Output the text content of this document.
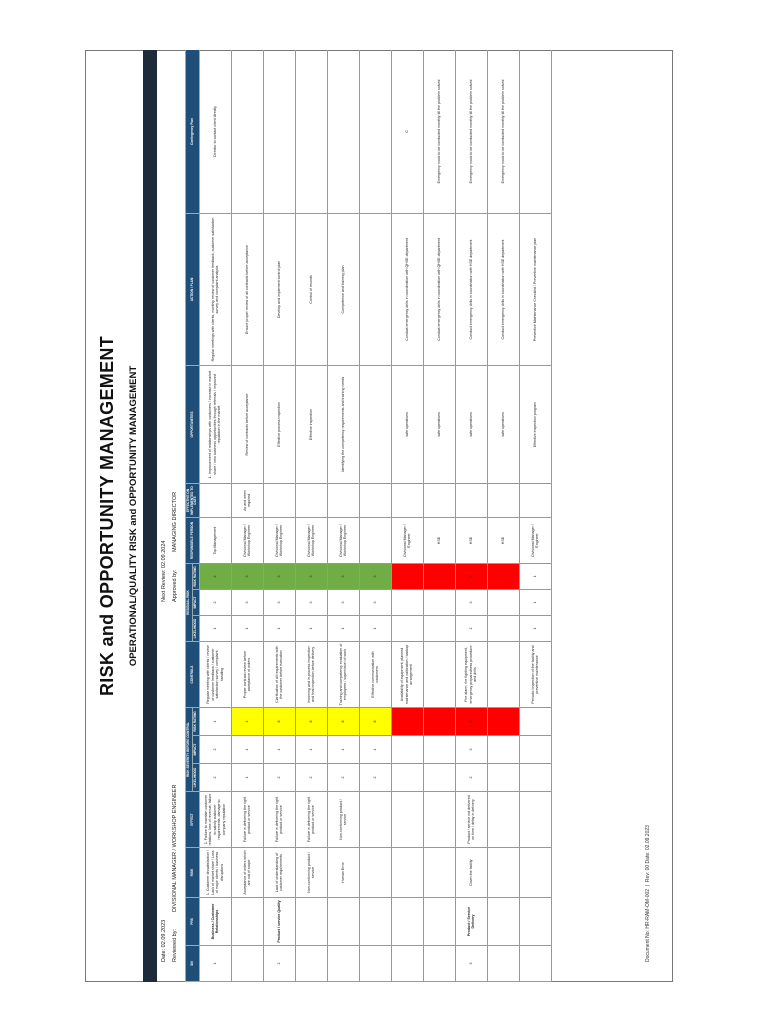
RISK and OPPORTUNITY MANAGEMENT OPERATIONAL/QUALITY RISK and OPPORTUNITY MANAGEMENT
Date: 02.09.2023
Next Review: 02.09.2024
Reviewed by:
DIVISIONAL MANAGER / WORKSHOP ENGINEER
Approved by:
MANAGING DIRECTOR
SN	PRS	RISK	EFFECT	RISK SEVERITY BEFORE CONTROL			CONTROLS	RESIDUAL RISK			RESPONSIBLE PERSON	EFFECTIVE ON IMPLEMENTED TO DATE	OPPORTUNITIES	ACTION / PLAN	Contingency Plan
				LIKELIHOOD	IMPACT	RISK RATING		LIKELIHOOD	IMPACT	RISK RATING					
1	Business / Customer Relationships	1. Customer dissatisfaction / Lack of market share / Loss of major clients / business disruptions	1. Failure to maintain customer relations, loss of revenue, failure to satisfy customer requirements, damage to company reputation	2	2	4	Regular meeting with clients / review of customer feedback / customer satisfaction survey / complaint handling	1	2	2	Top Management		1. Improvement of relationships with customers / increase in market share / new business opportunities through referrals / improved reputation in the market	Regular meetings with clients, monthly review of customer feedback, customer satisfaction survey and complaint analysis	Director to contact client directly
		Acceptance of orders which are out of scope	Failure in delivering the right product or service	1	4	4	Proper contract review before acceptance of orders	1	3	3	Divisional Manager / Workshop Engineer	As and when required	Review of contracts before acceptance	Ensure proper review of all contracts before acceptance	
2	Product / service Quality	Lack of understanding of customer requirements	Failure in delivering the right product or service	2	4	8	Clarification of all requirements with the customer before execution	1	3	3	Divisional Manager / Workshop Engineer		Effective process inspection	Develop and implement control plan	
		Non-conforming product / service	Failure in delivering the right product or service	2	4	8	Incoming and in-process inspection and final inspection before delivery	1	3	3	Divisional Manager / Workshop Engineer		Effective inspection	Control of records	
		Human Error	Non-conforming product / service	2	4	8	Training and competency evaluation of employees / supervision of work	1	3	3	Divisional Manager / Workshop Engineer		Identifying the competency requirements and training needs	Competence and training plan	
				2	4	8	Effective communication with customers	1	3	3					
							Availability of equipment, planned maintenance and calibration / backup arrangement				Divisional Manager / Engineer		safe operations	Conduct emergency drills in coordination with QHSE department	C
											HSE		safe operations	Conduct emergency drills in coordination with QHSE department	Emergency mock to be conducted monthly till the problem solved
3	Product / Service Delivery	Down the facility	Product / service not delivered on time / delay in delivery	2	3	6	Fire alarm, fire fighting equipment, emergency preparedness procedure and drills	2	3	6	HSE		safe operations	Conduct emergency drills in coordination with HSE department	Emergency mock to be conducted monthly till the problem solved
											HSE		safe operations	Conduct emergency drills in coordination with HSE department	Emergency mock to be conducted monthly till the problem solved
							Periodic inspection of the facility and preventive maintenance	1	1	1	Divisional Manager / Engineer		Effective inspection program	Preventive Maintenance Checklist / Preventive maintenance plan	
Document No: HR-RAM-OM-002  |  Rev: 00 Date: 02.09.2023
